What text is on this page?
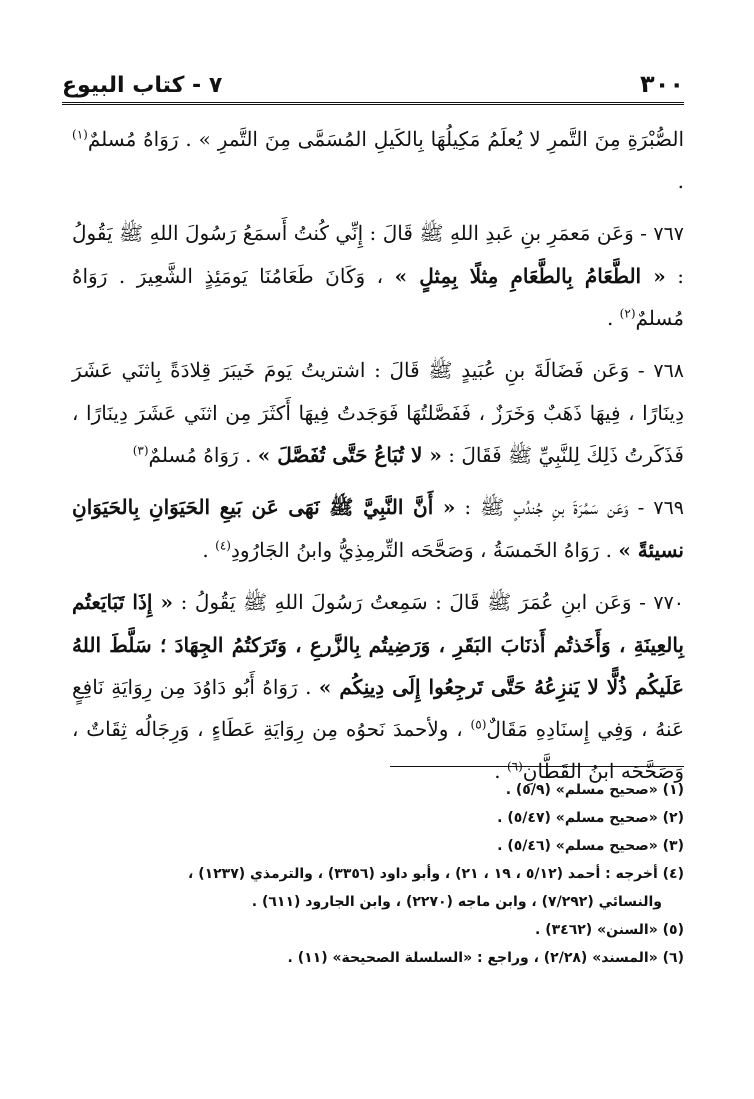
٣٠٠
٧ - كتاب البيوع

الصُّبْرَةِ مِنَ التَّمرِ لا يُعلَمُ مَكِيلُهَا بِالكَيلِ المُسَمَّى مِنَ التَّمرِ » . رَوَاهُ مُسلمٌ$^{(١)}$ .

٧٦٧ - وَعَن مَعمَرِ بنِ عَبدِ اللهِ ﷺ قَالَ : إِنِّي كُنتُ أَسمَعُ رَسُولَ اللهِ ﷺ يَقُولُ : « الطَّعَامُ بِالطَّعَامِ مِثلًا بِمِثلٍ » ، وَكَانَ طَعَامُنَا يَومَئِذٍ الشَّعِيرَ . رَوَاهُ مُسلمٌ$^{(٢)}$ .

٧٦٨ - وَعَن فَضَالَةَ بنِ عُبَيدٍ ﷺ قَالَ : اشتريتُ يَومَ خَيبَرَ قِلادَةً بِاثنَي عَشَرَ دِينَارًا ، فِيهَا ذَهَبٌ وَخَرَزٌ ، فَفَصَّلتُهَا فَوَجَدتُ فِيهَا أَكثَرَ مِن اثنَي عَشَرَ دِينَارًا ، فَذَكَرتُ ذَلِكَ لِلنَّبِيِّ ﷺ فَقَالَ : « لا تُبَاعُ حَتَّى تُفَصَّلَ » . رَوَاهُ مُسلمٌ$^{(٣)}$

٧٦٩ - وَعَن سَمُرَةَ بنِ جُندُبٍ ﷺ : « أَنَّ النَّبِيَّ ﷺ نَهَى عَن بَيعِ الحَيَوَانِ بِالحَيَوَانِ نسيئةً » . رَوَاهُ الخَمسَةُ ، وَصَحَّحَه التِّرمِذِيُّ وابنُ الجَارُودِ$^{(٤)}$ .

٧٧٠ - وَعَن ابنِ عُمَرَ ﷺ قَالَ : سَمِعتُ رَسُولَ اللهِ ﷺ يَقُولُ : « إِذَا تَبَايَعتُم بِالعِينَةِ ، وَأَخَذتُم أَذنَابَ البَقَرِ ، وَرَضِيتُم بِالزَّرعِ ، وَتَرَكتُمُ الجِهَادَ ؛ سَلَّطَ اللهُ عَلَيكُم ذُلًّا لا يَنزِعُهُ حَتَّى تَرجِعُوا إِلَى دِينِكُم » . رَوَاهُ أَبُو دَاوُدَ مِن رِوَايَةِ نَافِعٍ عَنهُ ، وَفِي إِسنَادِهِ مَقَالٌ$^{(٥)}$ ، ولأحمدَ نَحوُه مِن رِوَايَةِ عَطَاءٍ ، وَرِجَالُه ثِقَاتٌ ، وَصَحَّحَه ابنُ القَطَّانِ$^{(٦)}$ .

(١) «صحيح مسلم» (٥/٩) .

(٢) «صحيح مسلم» (٥/٤٧) .

(٣) «صحيح مسلم» (٥/٤٦) .

(٤) أخرجه : أحمد (٥/١٢ ، ١٩ ، ٢١) ، وأبو داود (٣٣٥٦) ، والترمذي (١٢٣٧) ،

والنسائي (٧/٢٩٢) ، وابن ماجه (٢٢٧٠) ، وابن الجارود (٦١١) .

(٥) «السنن» (٣٤٦٢) .

(٦) «المسند» (٢/٢٨) ، وراجع : «السلسلة الصحيحة» (١١) .
